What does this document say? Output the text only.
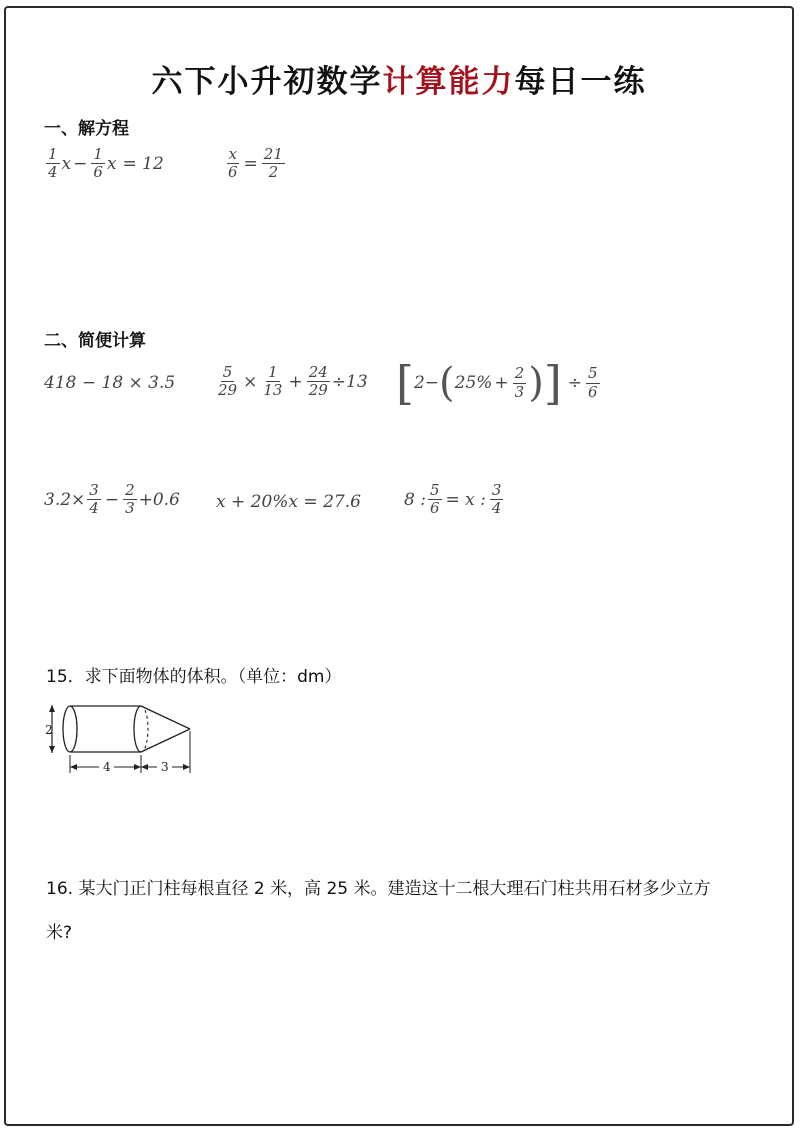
六下小升初数学计算能力每日一练
一、解方程
$\frac{1}{4}$ $x - \frac{1}{6}$ x = 12	$\frac{x}{6} = \frac{21}{2}$
二、简便计算
418 − 18 × 3.5	$\frac{5}{29} \times \frac{1}{13} + \frac{24}{29} \div 13$ [ 2− ( $25\% + \frac{2}{3}$ ) ] ÷ $\frac{5}{6}$
$3.2\times \frac{3}{4} - \frac{2}{3} +0.6$ x + 20%x = 27.6	8 : $\frac{5}{6} = x$ : $\frac{3}{4}$
15．求下面物体的体积。（单位：dm）
2
4	3
16. 某大门正门柱每根直径 2 米，高 25 米。建造这十二根大理石门柱共用石材多少立方
米?
